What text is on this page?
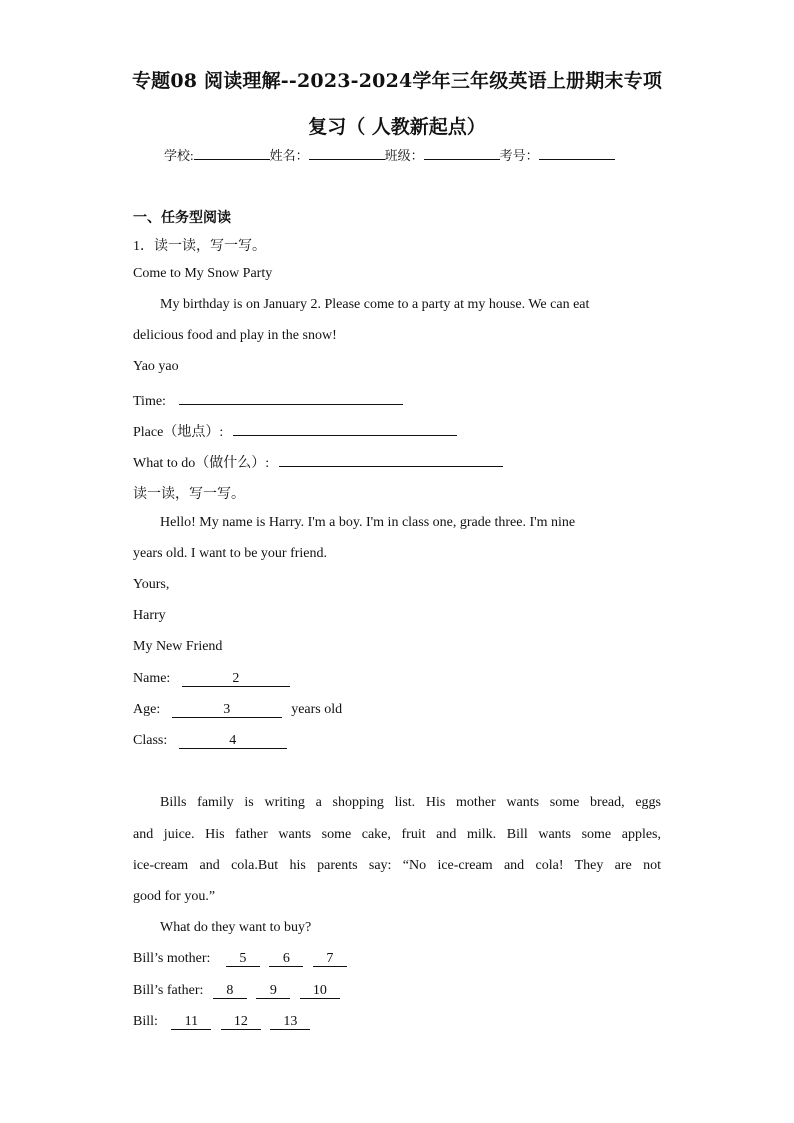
专题08 阅读理解--2023-2024学年三年级英语上册期末专项
复习（ 人教新起点）
学校:	姓名：	班级：	考号：
一、任务型阅读
1．读一读，写一写。
Come to My Snow Party
My birthday is on January 2. Please come to a party at my house. We can eat
delicious food and play in the snow!
Yao yao
Time:
Place（地点）:
What to do（做什么）:
读一读，写一写。
Hello! My name is Harry. I'm a boy. I'm in class one, grade three. I'm nine
years old. I want to be your friend.
Yours,
Harry
My New Friend
Name:	2
Age:	3	years old
Class:	4
Bills family is writing a shopping list. His mother wants some bread, eggs
and juice. His father wants some cake, fruit and milk. Bill wants some apples,
ice-cream and cola.But his parents say: “No ice-cream and cola! They are not
good for you.”
What do they want to buy?
Bill’s mother: 5	6	7
Bill’s father: 8	9	10
Bill: 11	12	13
